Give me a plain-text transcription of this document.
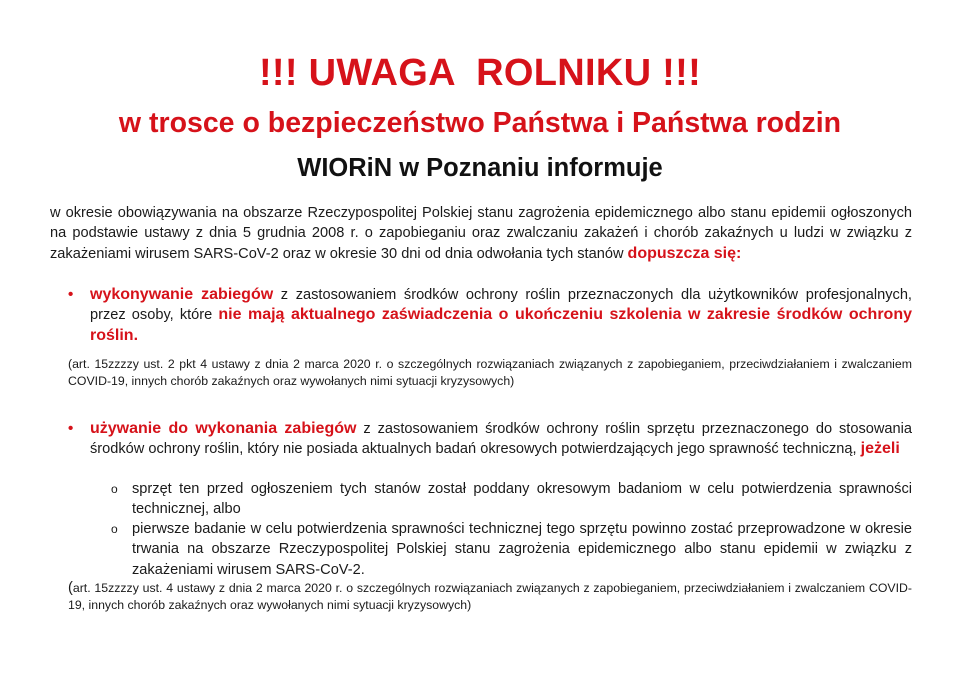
!!! UWAGA  ROLNIKU !!!
w trosce o bezpieczeństwo Państwa i Państwa rodzin
WIORiN w Poznaniu informuje
w okresie obowiązywania na obszarze Rzeczypospolitej Polskiej stanu zagrożenia epidemicznego albo stanu epidemii ogłoszonych na podstawie ustawy z dnia 5 grudnia 2008 r. o zapobieganiu oraz zwalczaniu zakażeń i chorób zakaźnych u ludzi w związku z zakażeniami wirusem SARS-CoV-2 oraz w okresie 30 dni od dnia odwołania tych stanów dopuszcza się:
•	wykonywanie zabiegów z zastosowaniem środków ochrony roślin przeznaczonych dla użytkowników profesjonalnych, przez osoby, które nie mają aktualnego zaświadczenia o ukończeniu szkolenia w zakresie środków ochrony roślin.
(art. 15zzzzy ust. 2 pkt 4 ustawy z dnia 2 marca 2020 r. o szczególnych rozwiązaniach związanych z zapobieganiem, przeciwdziałaniem i zwalczaniem COVID-19, innych chorób zakaźnych oraz wywołanych nimi sytuacji kryzysowych)
•	używanie do wykonania zabiegów z zastosowaniem środków ochrony roślin sprzętu przeznaczonego do stosowania środków ochrony roślin, który nie posiada aktualnych badań okresowych potwierdzających jego sprawność techniczną, jeżeli
o sprzęt ten przed ogłoszeniem tych stanów został poddany okresowym badaniom w celu potwierdzenia sprawności technicznej, albo
o pierwsze badanie w celu potwierdzenia sprawności technicznej tego sprzętu powinno zostać przeprowadzone w okresie trwania na obszarze Rzeczypospolitej Polskiej stanu zagrożenia epidemicznego albo stanu epidemii w związku z zakażeniami wirusem SARS-CoV-2.
(art. 15zzzzy ust. 4 ustawy z dnia 2 marca 2020 r. o szczególnych rozwiązaniach związanych z zapobieganiem, przeciwdziałaniem i zwalczaniem COVID-19, innych chorób zakaźnych oraz wywołanych nimi sytuacji kryzysowych)
